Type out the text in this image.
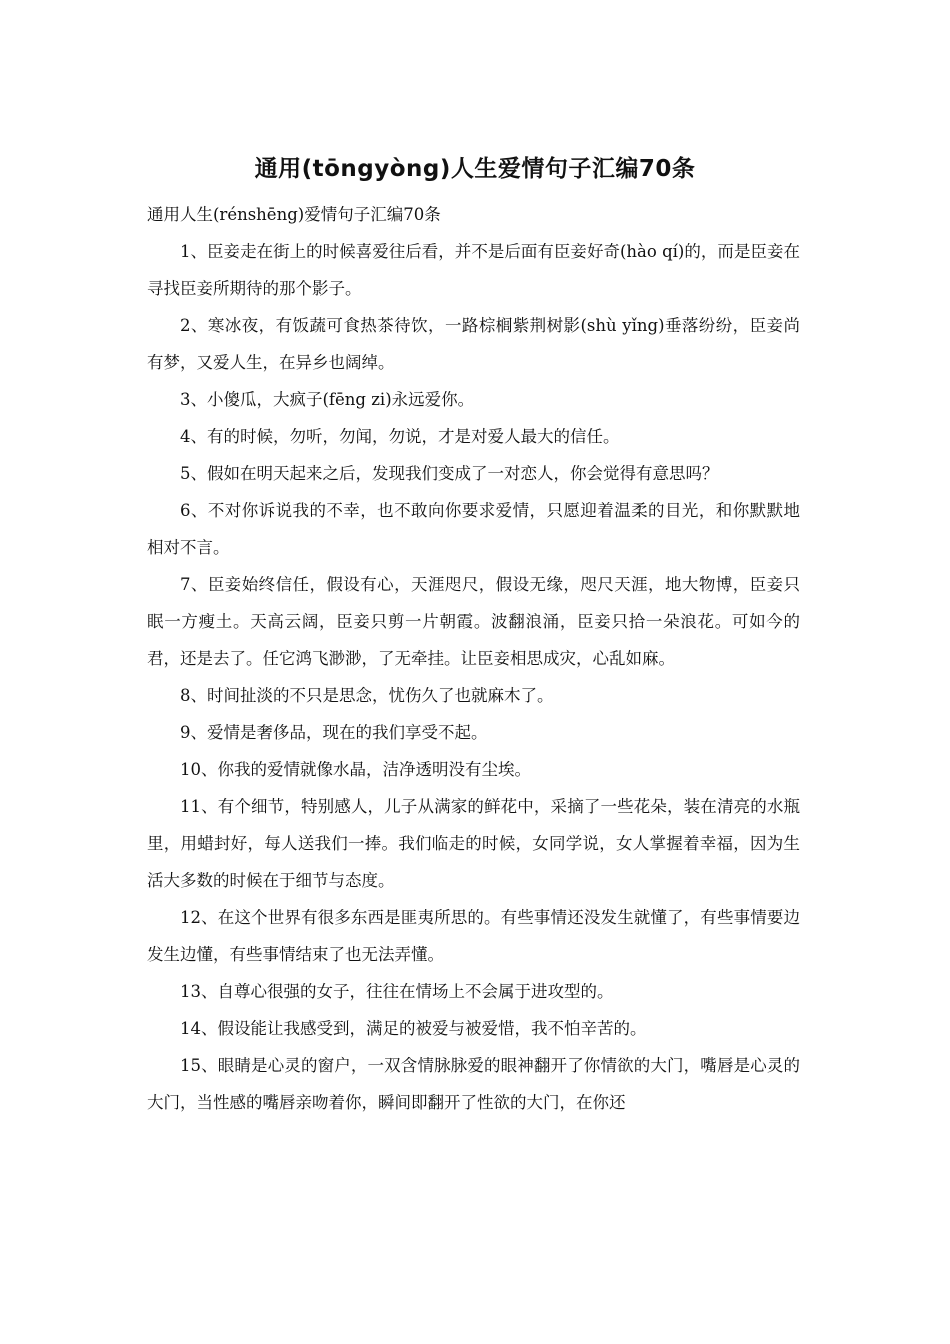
通用(tōngyòng)人生爱情句子汇编70条
通用人生(rénshēng)爱情句子汇编70条

1、臣妾走在街上的时候喜爱往后看，并不是后面有臣妾好奇(hào qí)的，而是臣妾在寻找臣妾所期待的那个影子。

2、寒冰夜，有饭蔬可食热茶待饮，一路棕榈紫荆树影(shù yǐng)垂落纷纷，臣妾尚有梦，又爱人生，在异乡也阔绰。

3、小傻瓜，大疯子(fēng zi)永远爱你。

4、有的时候，勿听，勿闻，勿说，才是对爱人最大的信任。

5、假如在明天起来之后，发现我们变成了一对恋人，你会觉得有意思吗？

6、不对你诉说我的不幸，也不敢向你要求爱情，只愿迎着温柔的目光，和你默默地相对不言。

7、臣妾始终信任，假设有心，天涯咫尺，假设无缘，咫尺天涯，地大物博，臣妾只眠一方瘦土。天高云阔，臣妾只剪一片朝霞。波翻浪涌，臣妾只拾一朵浪花。可如今的君，还是去了。任它鸿飞渺渺，了无牵挂。让臣妾相思成灾，心乱如麻。

8、时间扯淡的不只是思念，忧伤久了也就麻木了。

9、爱情是奢侈品，现在的我们享受不起。

10、你我的爱情就像水晶，洁净透明没有尘埃。

11、有个细节，特别感人，儿子从满家的鲜花中，采摘了一些花朵，装在清亮的水瓶里，用蜡封好，每人送我们一捧。我们临走的时候，女同学说，女人掌握着幸福，因为生活大多数的时候在于细节与态度。

12、在这个世界有很多东西是匪夷所思的。有些事情还没发生就懂了，有些事情要边发生边懂，有些事情结束了也无法弄懂。

13、自尊心很强的女子，往往在情场上不会属于进攻型的。

14、假设能让我感受到，满足的被爱与被爱惜，我不怕辛苦的。

15、眼睛是心灵的窗户，一双含情脉脉爱的眼神翻开了你情欲的大门，嘴唇是心灵的大门，当性感的嘴唇亲吻着你，瞬间即翻开了性欲的大门，在你还
